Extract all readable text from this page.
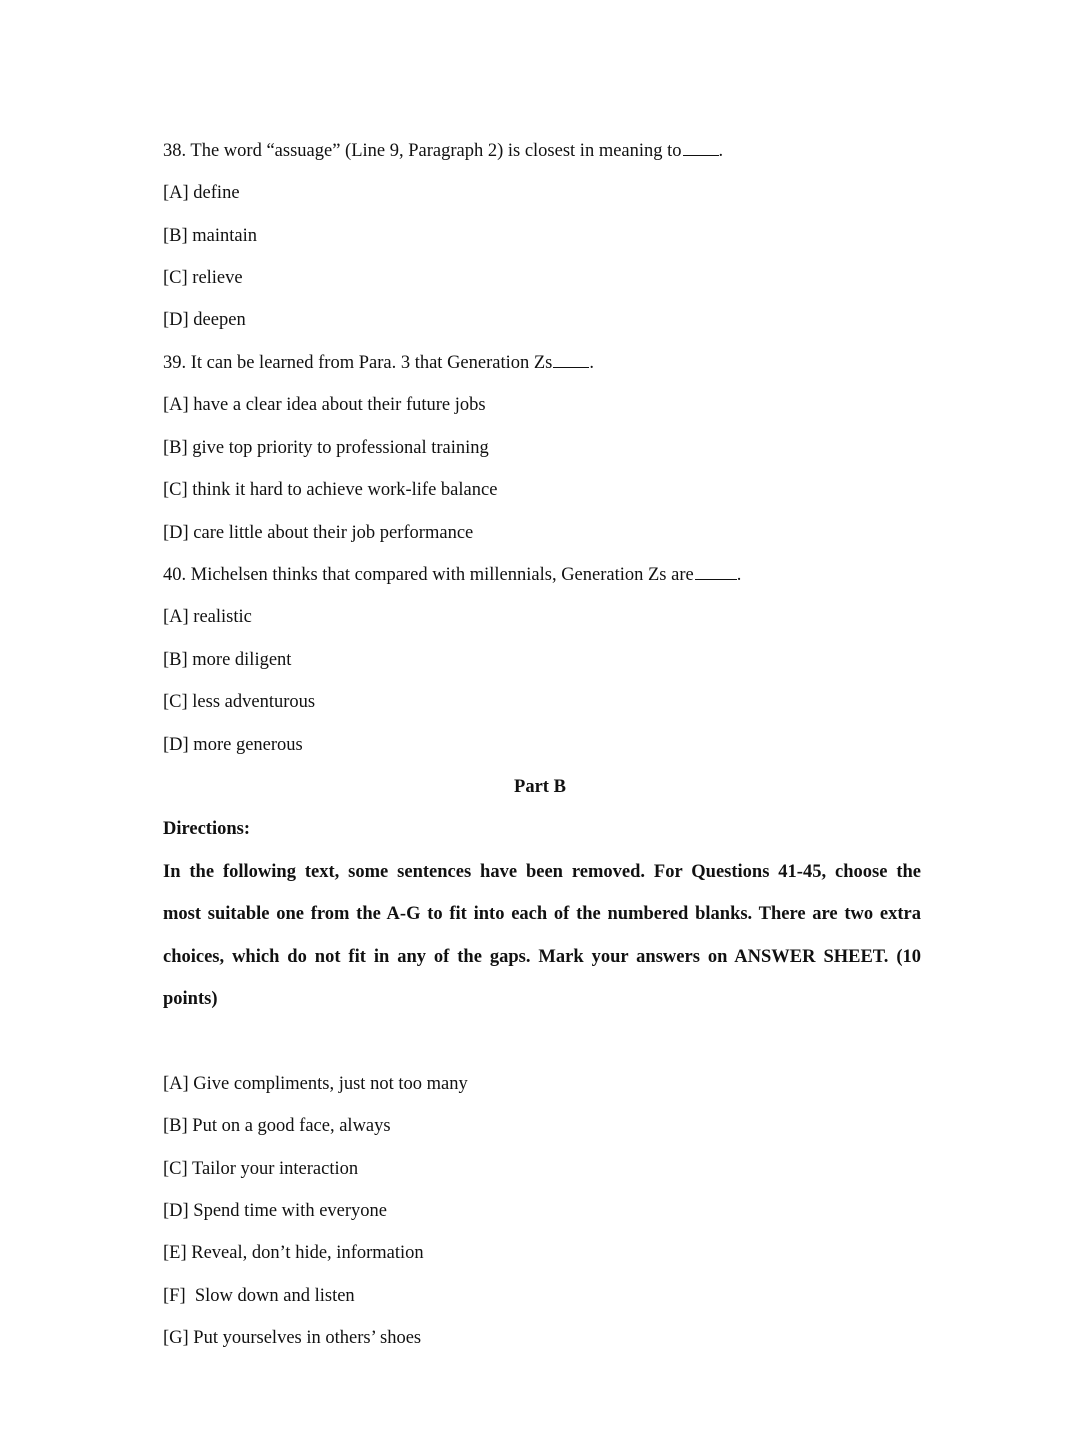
38. The word “assuage” (Line 9, Paragraph 2) is closest in meaning to .
[A] define
[B] maintain
[C] relieve
[D] deepen
39. It can be learned from Para. 3 that Generation Zs .
[A] have a clear idea about their future jobs
[B] give top priority to professional training
[C] think it hard to achieve work-life balance
[D] care little about their job performance
40. Michelsen thinks that compared with millennials, Generation Zs are .
[A] realistic
[B] more diligent
[C] less adventurous
[D] more generous
Part B
Directions:
In the following text, some sentences have been removed. For Questions 41-45, choose the
most suitable one from the A-G to fit into each of the numbered blanks. There are two extra
choices, which do not fit in any of the gaps. Mark your answers on ANSWER SHEET. (10
points)
[A] Give compliments, just not too many
[B] Put on a good face, always
[C] Tailor your interaction
[D] Spend time with everyone
[E] Reveal, don’t hide, information
[F]  Slow down and listen
[G] Put yourselves in others’ shoes
